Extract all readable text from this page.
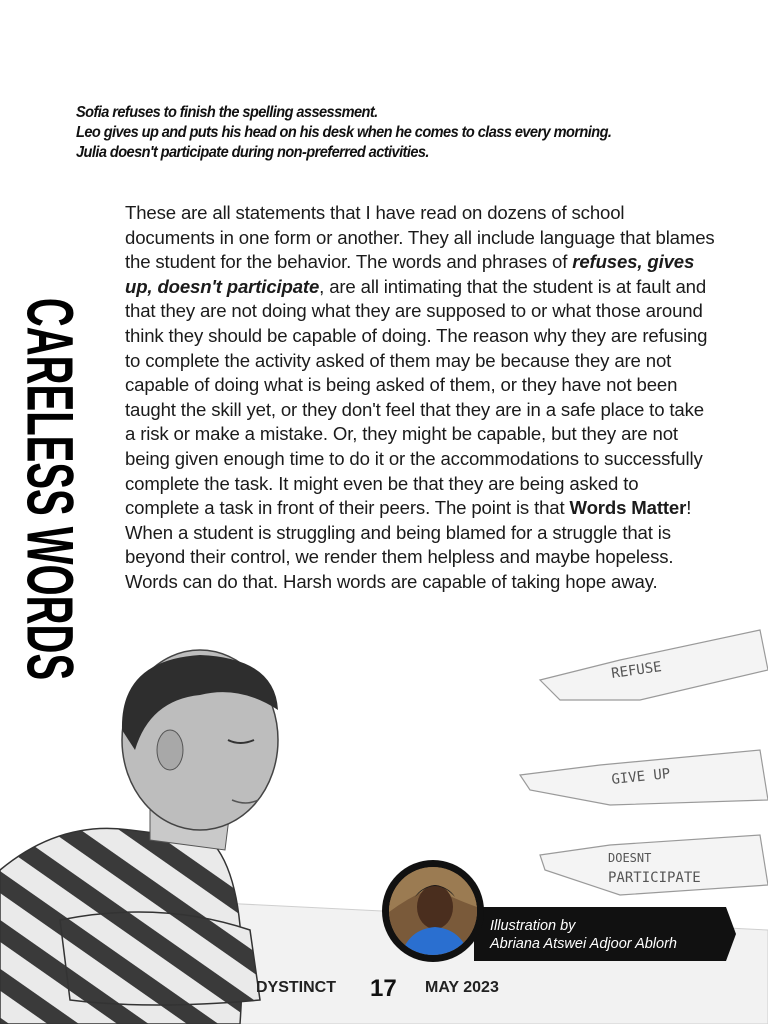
Sofia refuses to finish the spelling assessment.
Leo gives up and puts his head on his desk when he comes to class every morning.
Julia doesn't participate during non-preferred activities.
CARELESS WORDS

These are all statements that I have read on dozens of school documents in one form or another. They all include language that blames the student for the behavior. The words and phrases of refuses, gives up, doesn't participate, are all intimating that the student is at fault and that they are not doing what they are supposed to or what those around think they should be capable of doing. The reason why they are refusing to complete the activity asked of them may be because they are not capable of doing what is being asked of them, or they have not been taught the skill yet, or they don't feel that they are in a safe place to take a risk or make a mistake. Or, they might be capable, but they are not being given enough time to do it or the accommodations to successfully complete the task. It might even be that they are being asked to complete a task in front of their peers. The point is that Words Matter! When a student is struggling and being blamed for a struggle that is beyond their control, we render them helpless and maybe hopeless. Words can do that. Harsh words are capable of taking hope away.

REFUSE
GIVE UP
DOESNT
PARTICIPATE
Illustration by
Abriana Atswei Adjoor Ablorh
DYSTINCT 17 MAY 2023
